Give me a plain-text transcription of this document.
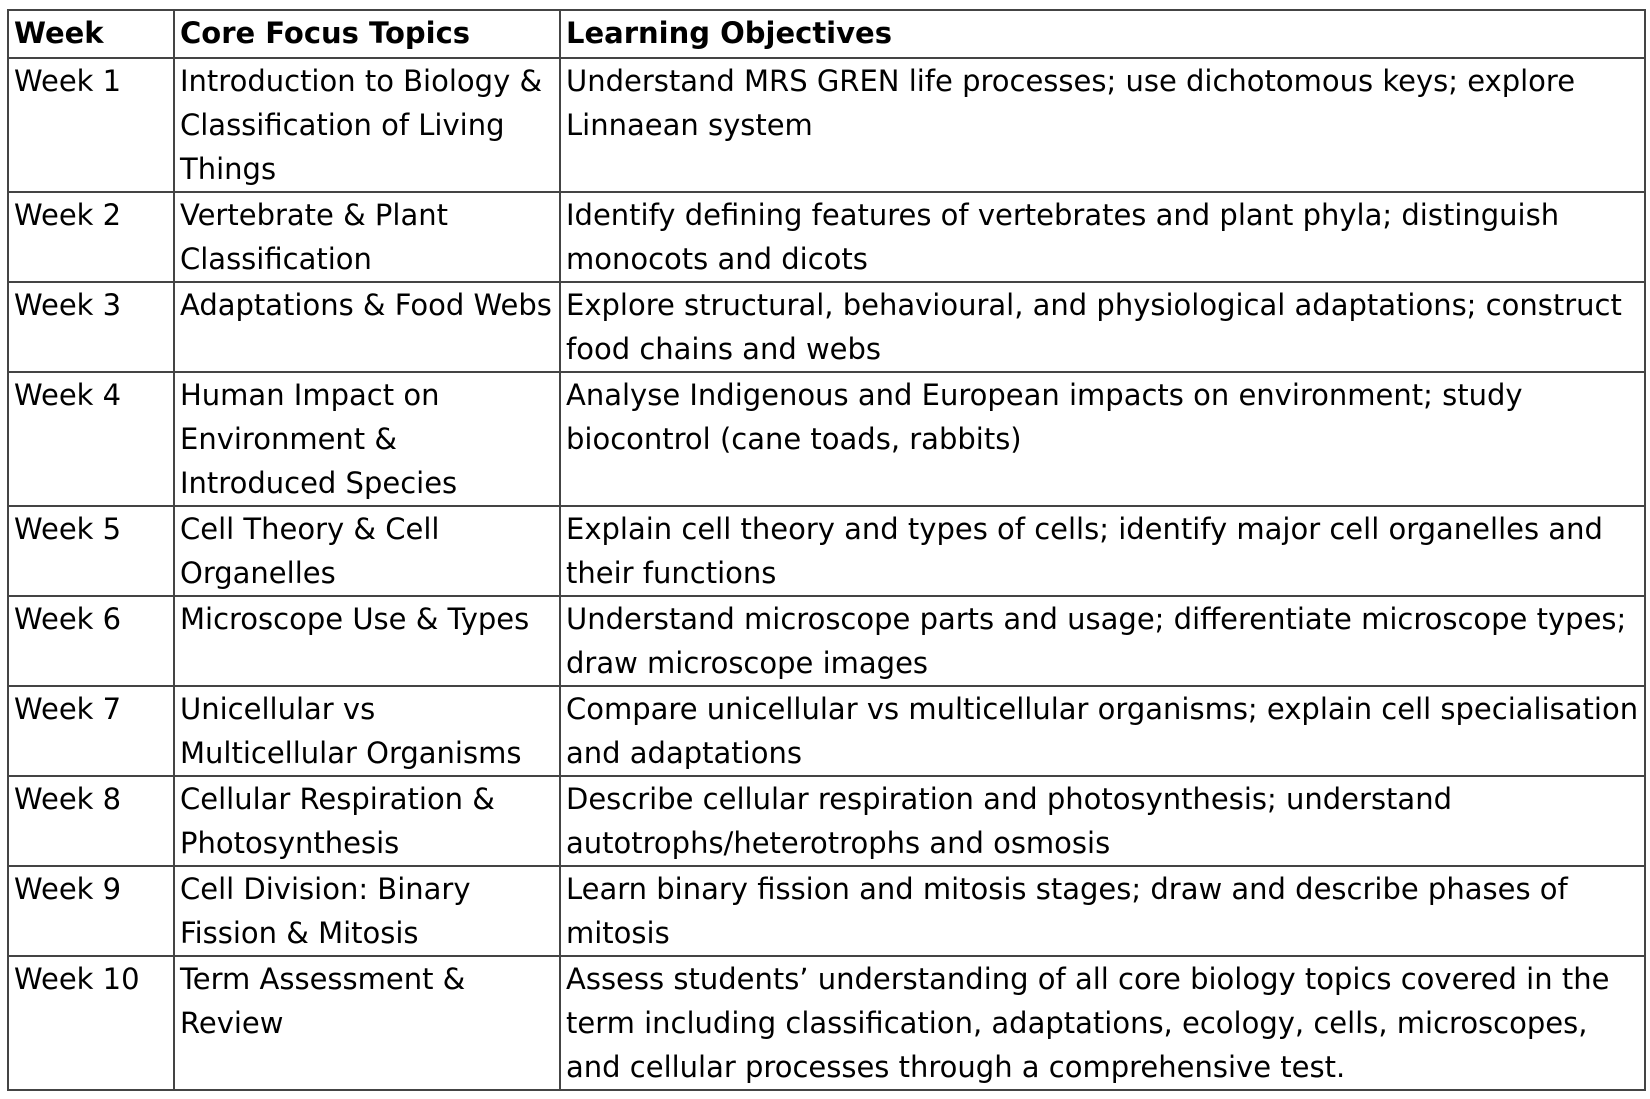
Week	Core Focus Topics	Learning Objectives
Week 1	Introduction to Biology & Classification of Living Things	Understand MRS GREN life processes; use dichotomous keys; explore Linnaean system
Week 2	Vertebrate & Plant Classification	Identify defining features of vertebrates and plant phyla; distinguish monocots and dicots
Week 3	Adaptations & Food Webs	Explore structural, behavioural, and physiological adaptations; construct food chains and webs
Week 4	Human Impact on Environment & Introduced Species	Analyse Indigenous and European impacts on environment; study biocontrol (cane toads, rabbits)
Week 5	Cell Theory & Cell Organelles	Explain cell theory and types of cells; identify major cell organelles and their functions
Week 6	Microscope Use & Types	Understand microscope parts and usage; differentiate microscope types; draw microscope images
Week 7	Unicellular vs Multicellular Organisms	Compare unicellular vs multicellular organisms; explain cell specialisation and adaptations
Week 8	Cellular Respiration & Photosynthesis	Describe cellular respiration and photosynthesis; understand autotrophs/heterotrophs and osmosis
Week 9	Cell Division: Binary Fission & Mitosis	Learn binary fission and mitosis stages; draw and describe phases of mitosis
Week 10	Term Assessment & Review	Assess students’ understanding of all core biology topics covered in the term including classification, adaptations, ecology, cells, microscopes, and cellular processes through a comprehensive test.
